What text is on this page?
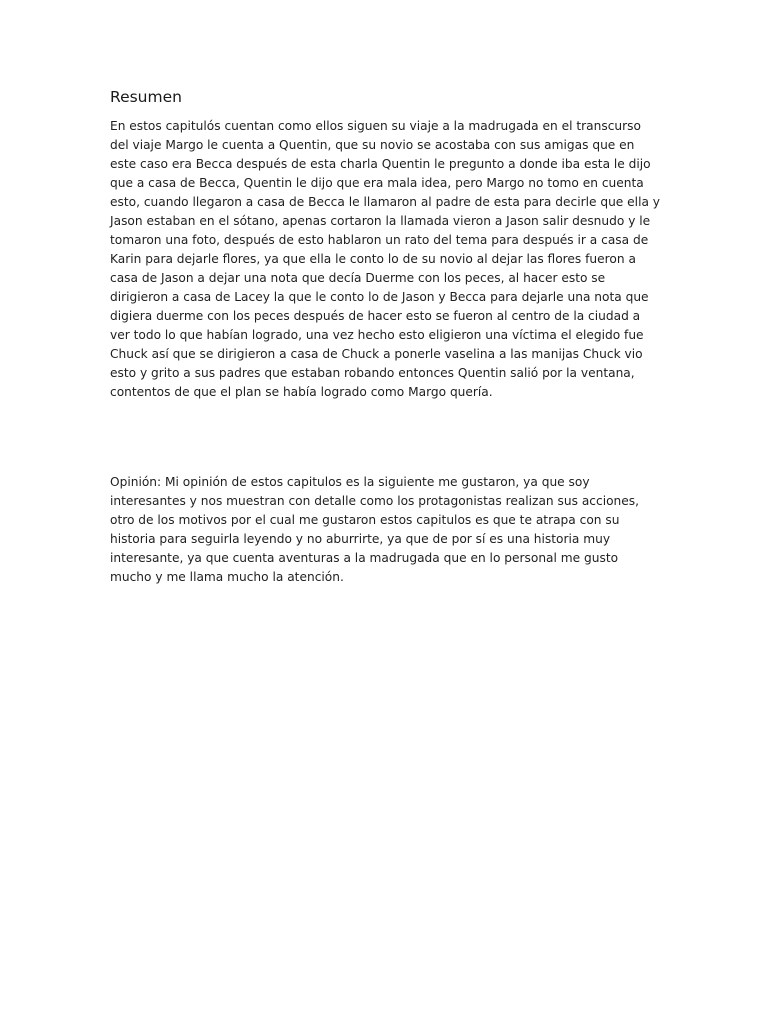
Resumen
En estos capitulós cuentan como ellos siguen su viaje a la madrugada en el transcurso
del viaje Margo le cuenta a Quentin, que su novio se acostaba con sus amigas que en
este caso era Becca después de esta charla Quentin le pregunto a donde iba esta le dijo
que a casa de Becca, Quentin le dijo que era mala idea, pero Margo no tomo en cuenta
esto, cuando llegaron a casa de Becca le llamaron al padre de esta para decirle que ella y
Jason estaban en el sótano, apenas cortaron la llamada vieron a Jason salir desnudo y le
tomaron una foto, después de esto hablaron un rato del tema para después ir a casa de
Karin para dejarle flores, ya que ella le conto lo de su novio al dejar las flores fueron a
casa de Jason a dejar una nota que decía Duerme con los peces, al hacer esto se
dirigieron a casa de Lacey la que le conto lo de Jason y Becca para dejarle una nota que
digiera duerme con los peces después de hacer esto se fueron al centro de la ciudad a
ver todo lo que habían logrado, una vez hecho esto eligieron una víctima el elegido fue
Chuck así que se dirigieron a casa de Chuck a ponerle vaselina a las manijas Chuck vio
esto y grito a sus padres que estaban robando entonces Quentin salió por la ventana,
contentos de que el plan se había logrado como Margo quería.
Opinión: Mi opinión de estos capitulos es la siguiente me gustaron, ya que soy
interesantes y nos muestran con detalle como los protagonistas realizan sus acciones,
otro de los motivos por el cual me gustaron estos capitulos es que te atrapa con su
historia para seguirla leyendo y no aburrirte, ya que de por sí es una historia muy
interesante, ya que cuenta aventuras a la madrugada que en lo personal me gusto
mucho y me llama mucho la atención.
